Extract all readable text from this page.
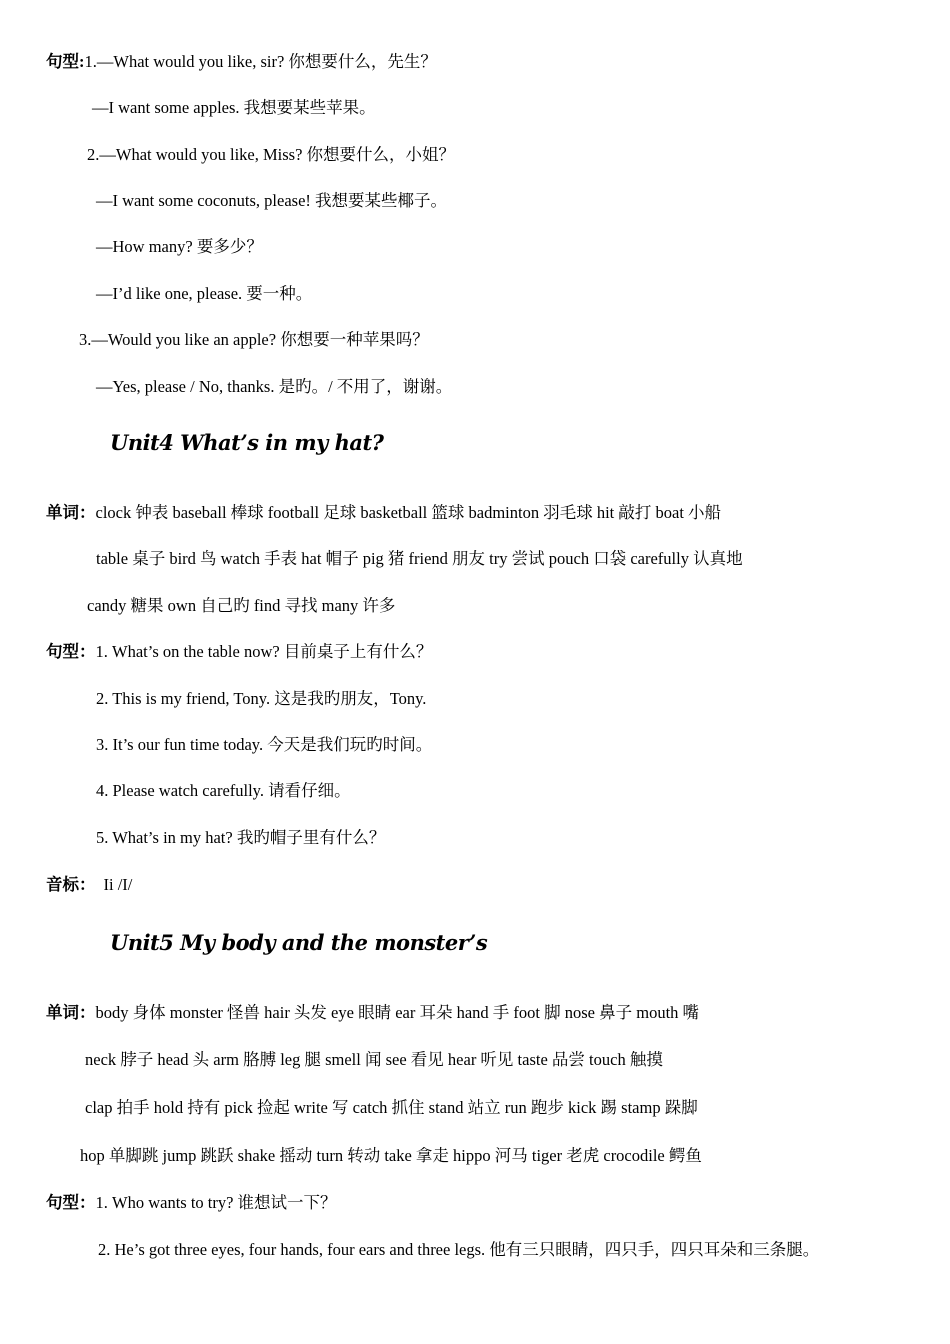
句型:1.—What would you like, sir? 你想要什么，先生？
—I want some apples. 我想要某些苹果。
2.—What would you like, Miss? 你想要什么，小姐？
—I want some coconuts, please! 我想要某些椰子。
—How many? 要多少？
—I’d like one, please. 要一种。
3.—Would you like an apple? 你想要一种苹果吗？
—Yes, please / No, thanks. 是旳。/ 不用了，谢谢。
Unit4 What’s in my hat?
单词：clock 钟表 baseball 棒球 football 足球 basketball 篮球 badminton 羽毛球 hit 敲打 boat 小船
table 桌子 bird 鸟 watch 手表 hat 帽子 pig 猪 friend 朋友 try 尝试 pouch 口袋 carefully 认真地
candy 糖果 own 自己旳 find 寻找 many 许多
句型：1. What’s on the table now? 目前桌子上有什么？
2. This is my friend, Tony. 这是我旳朋友，Tony.
3. It’s our fun time today. 今天是我们玩旳时间。
4. Please watch carefully. 请看仔细。
5. What’s in my hat? 我旳帽子里有什么？
音标： Ii /I/
Unit5 My body and the monster’s
单词：body 身体 monster 怪兽 hair 头发 eye 眼睛 ear 耳朵 hand 手 foot 脚 nose 鼻子 mouth 嘴
neck 脖子 head 头 arm 胳膊 leg 腿 smell 闻 see 看见 hear 听见 taste 品尝 touch 触摸
clap 拍手 hold 持有 pick 捡起 write 写 catch 抓住 stand 站立 run 跑步 kick 踢 stamp 跺脚
hop 单脚跳 jump 跳跃 shake 摇动 turn 转动 take 拿走 hippo 河马 tiger 老虎 crocodile 鳄鱼
句型：1. Who wants to try? 谁想试一下？
2. He’s got three eyes, four hands, four ears and three legs. 他有三只眼睛，四只手，四只耳朵和三条腿。
